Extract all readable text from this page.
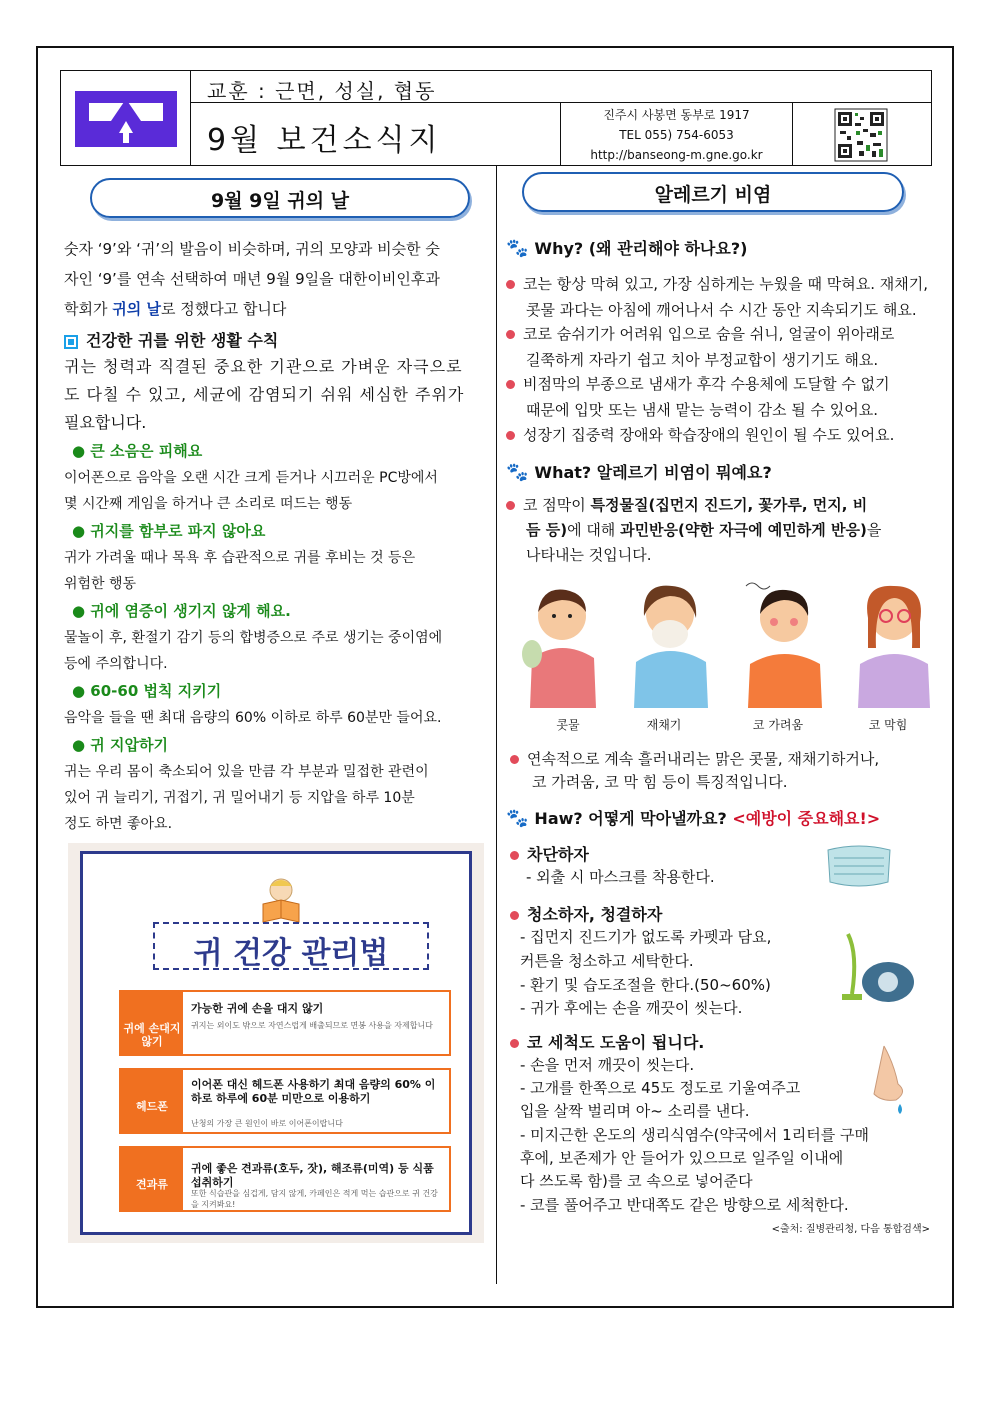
교훈 : 근면, 성실, 협동
9월 보건소식지
진주시 사봉면 동부로 1917
TEL 055) 754-6053
http://banseong-m.gne.go.kr
9월 9일 귀의 날
숫자 ‘9’와 ‘귀’의 발음이 비슷하며, 귀의 모양과 비슷한 숫
자인 ‘9’를 연속 선택하여 매년 9월 9일을 대한이비인후과
학회가 귀의 날로 정했다고 합니다
건강한 귀를 위한 생활 수칙
귀는 청력과 직결된 중요한 기관으로 가벼운 자극으로
도 다칠 수 있고, 세균에 감염되기 쉬워 세심한 주위가
필요합니다.
● 큰 소음은 피해요
이어폰으로 음악을 오랜 시간 크게 듣거나 시끄러운 PC방에서
몇 시간째 게임을 하거나 큰 소리로 떠드는 행동
● 귀지를 함부로 파지 않아요
귀가 가려울 때나 목욕 후 습관적으로 귀를 후비는 것 등은
위험한 행동
● 귀에 염증이 생기지 않게 해요.
물놀이 후, 환절기 감기 등의 합병증으로 주로 생기는 중이염에
등에 주의합니다.
● 60-60 법칙 지키기
음악을 들을 땐 최대 음량의 60% 이하로 하루 60분만 들어요.
● 귀 지압하기
귀는 우리 몸이 축소되어 있을 만큼 각 부분과 밀접한 관련이
있어 귀 늘리기, 귀접기, 귀 밀어내기 등 지압을 하루 10분
정도 하면 좋아요.
귀 건강 관리법
귀에 손대지않기
가능한 귀에 손을 대지 않기
귀지는 외이도 밖으로 자연스럽게 배출되므로 면봉 사용을 자제합니다
헤드폰
이어폰 대신 헤드폰 사용하기 최대 음량의 60% 이하로 하루에 60분 미만으로 이용하기
난청의 가장 큰 원인이 바로 이어폰이랍니다
견과류
귀에 좋은 견과류(호두, 잣), 해조류(미역) 등 식품 섭취하기
또한 식습관을 심겁게, 담지 않게, 카페인은 적게 먹는 습관으로 귀 건강을 지켜봐요!
알레르기 비염
🐾 Why? (왜 관리해야 하나요?)
코는 항상 막혀 있고, 가장 심하게는 누웠을 때 막혀요. 재채기,
콧물 과다는 아침에 깨어나서 수 시간 동안 지속되기도 해요.
코로 숨쉬기가 어려워 입으로 숨을 쉬니, 얼굴이 위아래로
길쭉하게 자라기 쉽고 치아 부정교합이 생기기도 해요.
비점막의 부종으로 냄새가 후각 수용체에 도달할 수 없기
때문에 입맛 또는 냄새 맡는 능력이 감소 될 수 있어요.
성장기 집중력 장애와 학습장애의 원인이 될 수도 있어요.
🐾 What? 알레르기 비염이 뭐예요?
코 점막이 특정물질(집먼지 진드기, 꽃가루, 먼지, 비
듬 등)에 대해 과민반응(약한 자극에 예민하게 반응)을
나타내는 것입니다.
콧물	재채기	코 가려움	코 막힘
연속적으로 계속 흘러내리는 맑은 콧물, 재채기하거나,
코 가려움, 코 막 힘 등이 특징적입니다.
🐾 Haw? 어떻게 막아낼까요? <예방이 중요해요!>
차단하자
- 외출 시 마스크를 착용한다.
청소하자, 청결하자
- 집먼지 진드기가 없도록 카펫과 담요,
커튼을 청소하고 세탁한다.
- 환기 및 습도조절을 한다.(50~60%)
- 귀가 후에는 손을 깨끗이 씻는다.
코 세척도 도움이 됩니다.
- 손을 먼저 깨끗이 씻는다.
- 고개를 한쪽으로 45도 정도로 기울여주고
입을 살짝 벌리며 아~ 소리를 낸다.
- 미지근한 온도의 생리식염수(약국에서 1리터를 구매
후에, 보존제가 안 들어가 있으므로 일주일 이내에
다 쓰도록 함)를 코 속으로 넣어준다
- 코를 풀어주고 반대쪽도 같은 방향으로 세척한다.
<출처: 질병관리청, 다음 통합검색>
